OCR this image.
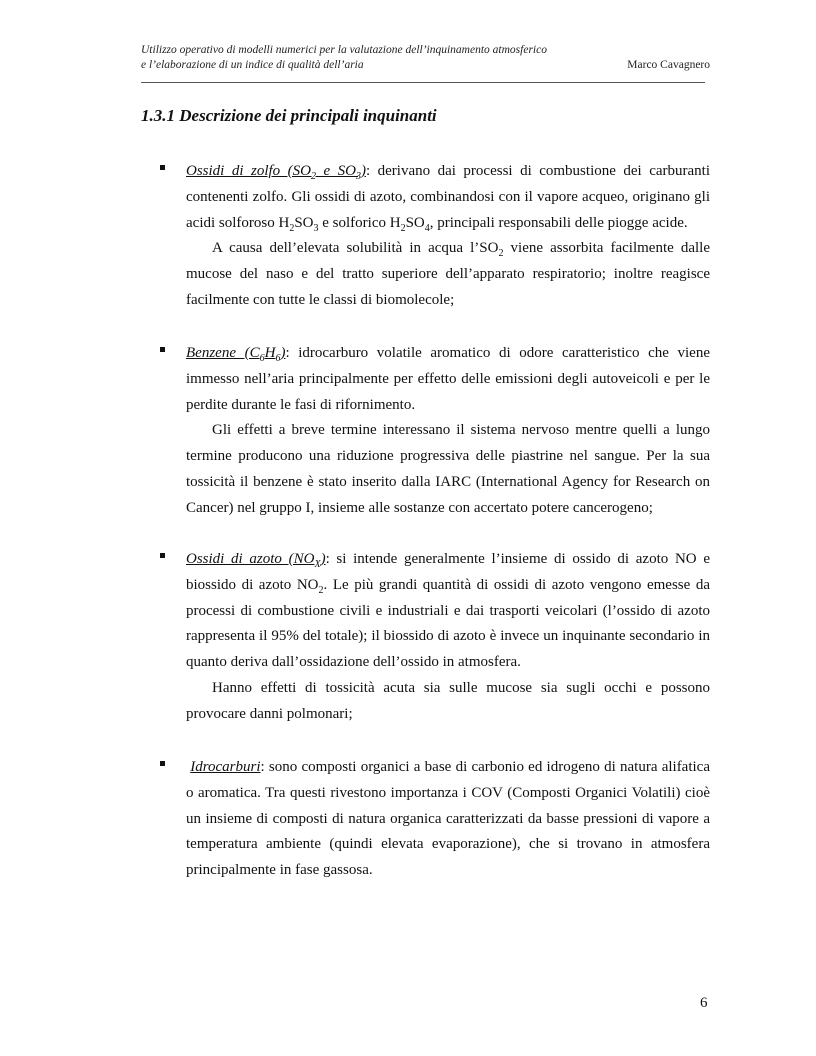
Utilizzo operativo di modelli numerici per la valutazione dell’inquinamento atmosferico
e l’elaborazione di un indice di qualità dell’aria	Marco Cavagnero
1.3.1 Descrizione dei principali inquinanti

Ossidi di zolfo ($SO_2$ e $SO_3$): derivano dai processi di combustione dei carburanti contenenti zolfo. Gli ossidi di azoto, combinandosi con il vapore acqueo, originano gli acidi solforoso $H_2SO_3$ e solforico $H_2SO_4$, principali responsabili delle piogge acide.

A causa dell’elevata solubilità in acqua $l’SO_2$ viene assorbita facilmente dalle mucose del naso e del tratto superiore dell’apparato respiratorio; inoltre reagisce facilmente con tutte le classi di biomolecole;

Benzene $(C_6H_6)$: idrocarburo volatile aromatico di odore caratteristico che viene immesso nell’aria principalmente per effetto delle emissioni degli autoveicoli e per le perdite durante le fasi di rifornimento.

Gli effetti a breve termine interessano il sistema nervoso mentre quelli a lungo termine producono una riduzione progressiva delle piastrine nel sangue. Per la sua tossicità il benzene è stato inserito dalla IARC (International Agency for Research on Cancer) nel gruppo I, insieme alle sostanze con accertato potere cancerogeno;

Ossidi di azoto $(NO_X)$: si intende generalmente l’insieme di ossido di azoto NO e biossido di azoto $NO_2$. Le più grandi quantità di ossidi di azoto vengono emesse da processi di combustione civili e industriali e dai trasporti veicolari (l’ossido di azoto rappresenta il 95% del totale); il biossido di azoto è invece un inquinante secondario in quanto deriva dall’ossidazione dell’ossido in atmosfera.

Hanno effetti di tossicità acuta sia sulle mucose sia sugli occhi e possono provocare danni polmonari;

Idrocarburi: sono composti organici a base di carbonio ed idrogeno di natura alifatica o aromatica. Tra questi rivestono importanza i COV (Composti Organici Volatili) cioè un insieme di composti di natura organica caratterizzati da basse pressioni di vapore a temperatura ambiente (quindi elevata evaporazione), che si trovano in atmosfera principalmente in fase gassosa.

6
